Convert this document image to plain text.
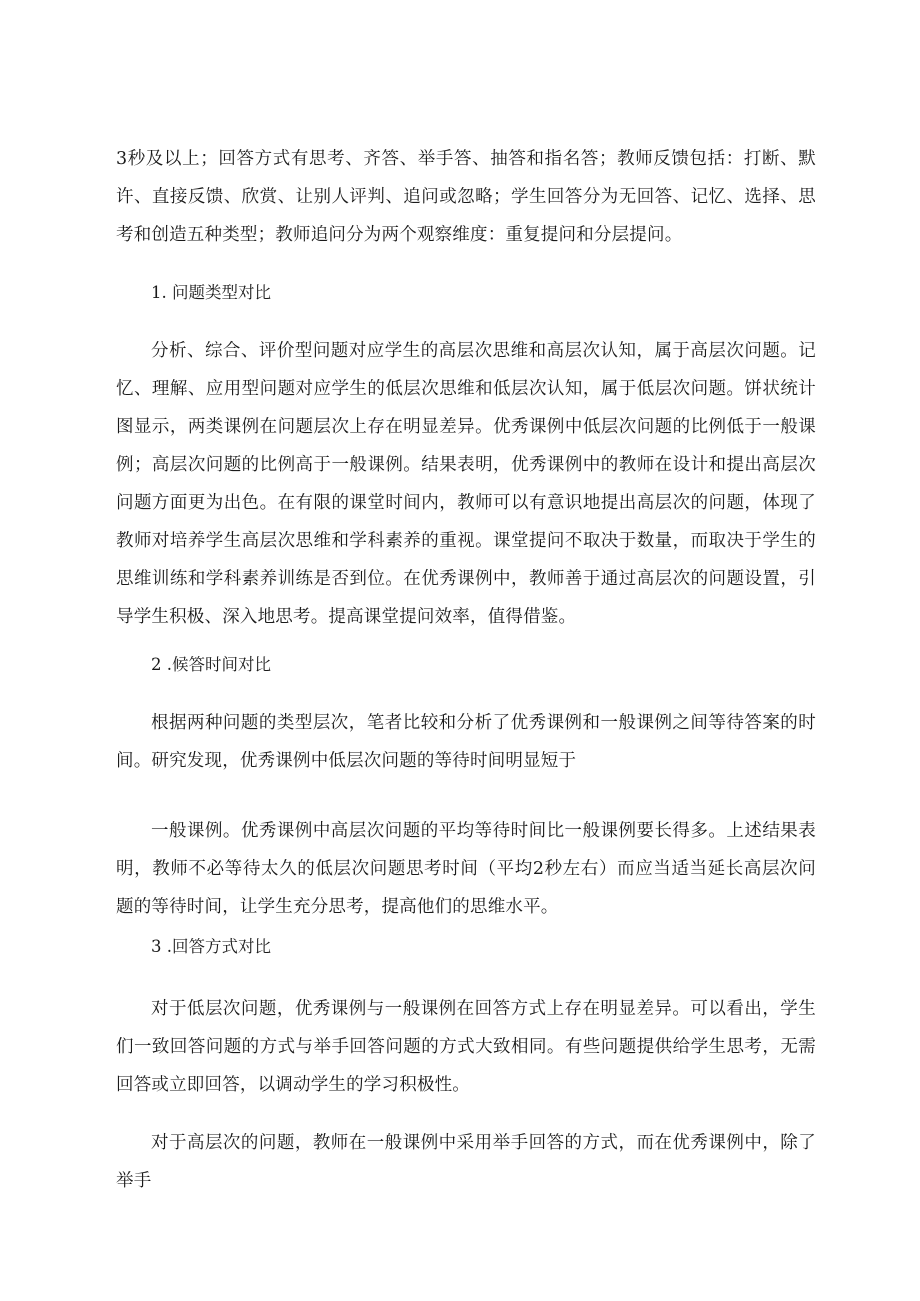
3秒及以上；回答方式有思考、齐答、举手答、抽答和指名答；教师反馈包括：打断、默许、直接反馈、欣赏、让别人评判、追问或忽略；学生回答分为无回答、记忆、选择、思考和创造五种类型；教师追问分为两个观察维度：重复提问和分层提问。

1. 问题类型对比

分析、综合、评价型问题对应学生的高层次思维和高层次认知，属于高层次问题。记忆、理解、应用型问题对应学生的低层次思维和低层次认知，属于低层次问题。饼状统计图显示，两类课例在问题层次上存在明显差异。优秀课例中低层次问题的比例低于一般课例；高层次问题的比例高于一般课例。结果表明，优秀课例中的教师在设计和提出高层次问题方面更为出色。在有限的课堂时间内，教师可以有意识地提出高层次的问题，体现了教师对培养学生高层次思维和学科素养的重视。课堂提问不取决于数量，而取决于学生的思维训练和学科素养训练是否到位。在优秀课例中，教师善于通过高层次的问题设置，引导学生积极、深入地思考。提高课堂提问效率，值得借鉴。

2 .候答时间对比

根据两种问题的类型层次，笔者比较和分析了优秀课例和一般课例之间等待答案的时间。研究发现，优秀课例中低层次问题的等待时间明显短于

一般课例。优秀课例中高层次问题的平均等待时间比一般课例要长得多。上述结果表明，教师不必等待太久的低层次问题思考时间（平均2秒左右）而应当适当延长高层次问题的等待时间，让学生充分思考，提高他们的思维水平。

3 .回答方式对比

对于低层次问题，优秀课例与一般课例在回答方式上存在明显差异。可以看出，学生们一致回答问题的方式与举手回答问题的方式大致相同。有些问题提供给学生思考，无需回答或立即回答，以调动学生的学习积极性。

对于高层次的问题，教师在一般课例中采用举手回答的方式，而在优秀课例中，除了举手
